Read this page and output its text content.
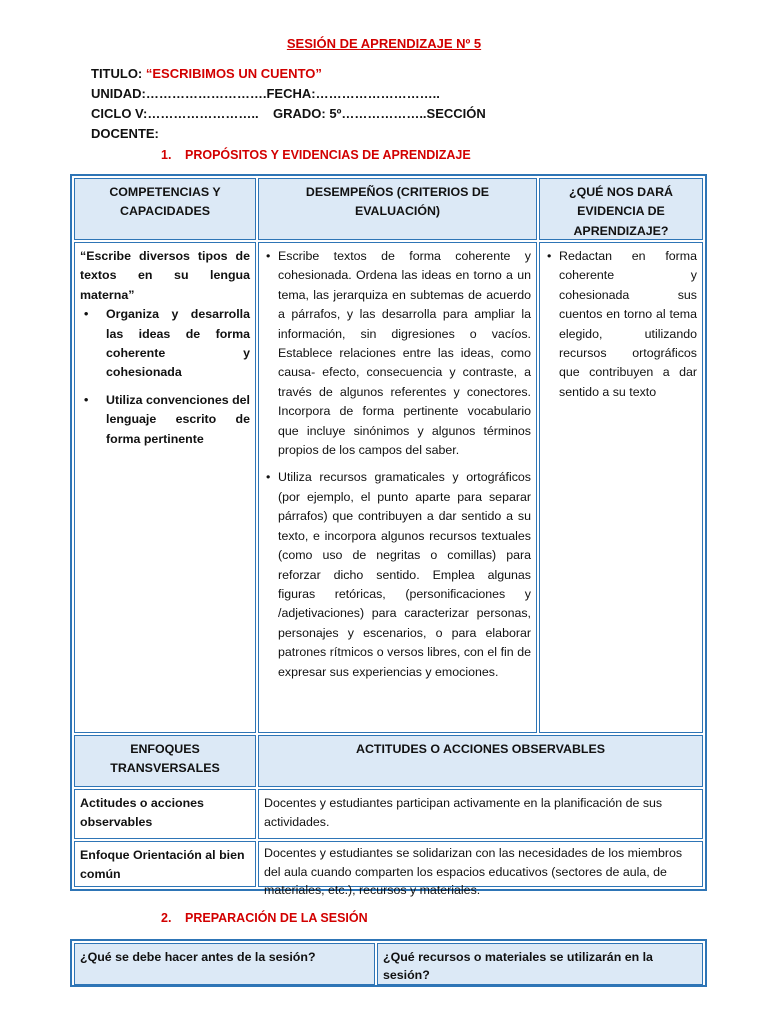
SESIÓN DE APRENDIZAJE Nº 5
TITULO: “ESCRIBIMOS UN CUENTO”
UNIDAD:……………………….FECHA:………………………..
CICLO V:……………………..    GRADO: 5º………………..SECCIÓN
DOCENTE:
1. PROPÓSITOS Y EVIDENCIAS DE APRENDIZAJE
COMPETENCIAS Y CAPACIDADES
DESEMPEÑOS (CRITERIOS DE EVALUACIÓN)
¿QUÉ NOS DARÁ EVIDENCIA DE APRENDIZAJE?
“Escribe diversos tipos de textos en su lengua materna”
• Organiza y desarrolla las ideas de forma coherente y cohesionada
• Utiliza convenciones del lenguaje escrito de forma pertinente
• Escribe textos de forma coherente y cohesionada. Ordena las ideas en torno a un tema, las jerarquiza en subtemas de acuerdo a párrafos, y las desarrolla para ampliar la información, sin digresiones o vacíos. Establece relaciones entre las ideas, como causa- efecto, consecuencia y contraste, a través de algunos referentes y conectores. Incorpora de forma pertinente vocabulario que incluye sinónimos y algunos términos propios de los campos del saber.
• Utiliza recursos gramaticales y ortográficos (por ejemplo, el punto aparte para separar párrafos) que contribuyen a dar sentido a su texto, e incorpora algunos recursos textuales (como uso de negritas o comillas) para reforzar dicho sentido. Emplea algunas figuras retóricas, (personificaciones y /adjetivaciones) para caracterizar personas, personajes y escenarios, o para elaborar patrones rítmicos o versos libres, con el fin de expresar sus experiencias y emociones.
• Redactan en forma coherente y cohesionada sus cuentos en torno al tema elegido, utilizando recursos ortográficos que contribuyen a dar sentido a su texto
ENFOQUES TRANSVERSALES
ACTITUDES O ACCIONES OBSERVABLES
Actitudes o acciones observables
Docentes y estudiantes participan activamente en la planificación de sus actividades.
Enfoque Orientación al bien común
Docentes y estudiantes se solidarizan con las necesidades de los miembros del aula cuando comparten los espacios educativos (sectores de aula, de materiales, etc.), recursos y materiales.
2. PREPARACIÓN DE LA SESIÓN
¿Qué se debe hacer antes de la sesión?	¿Qué recursos o materiales se utilizarán en la sesión?
